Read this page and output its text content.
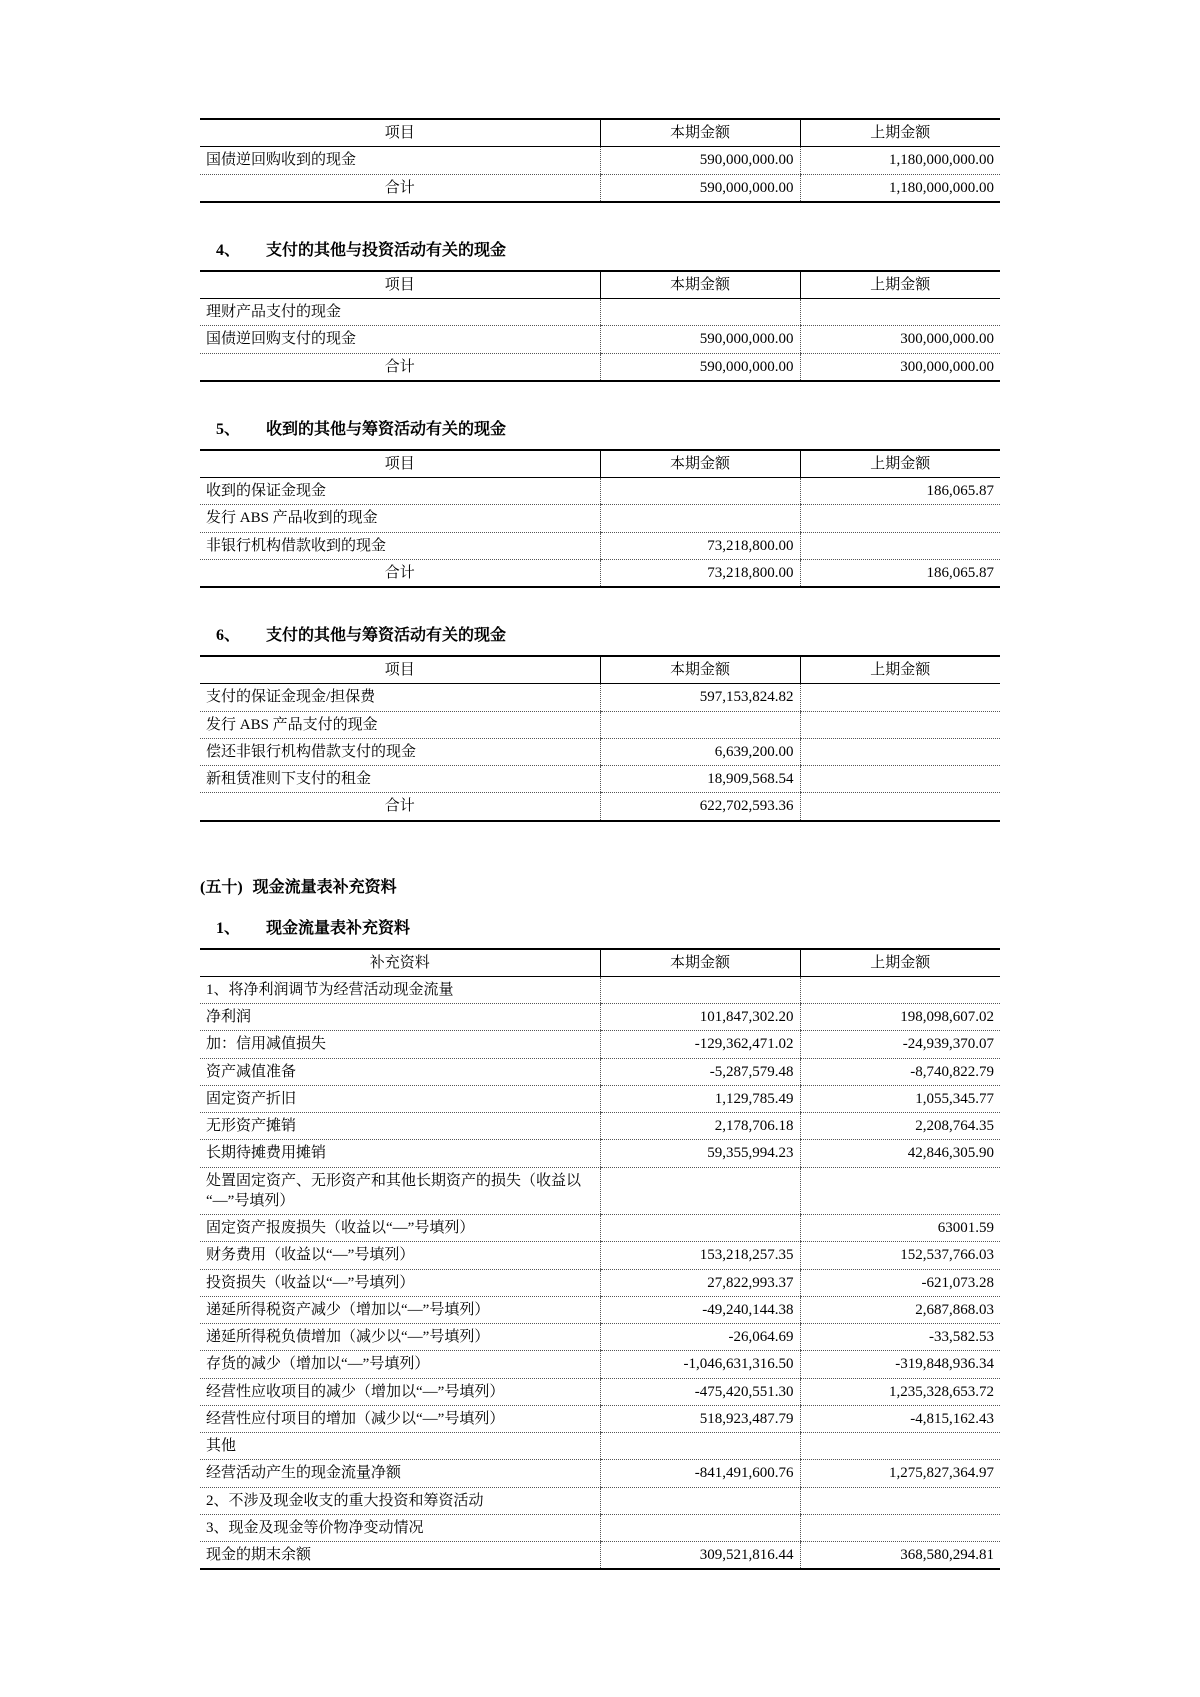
项目	本期金额	上期金额
国债逆回购收到的现金	590,000,000.00	1,180,000,000.00
合计	590,000,000.00	1,180,000,000.00
4、	支付的其他与投资活动有关的现金
项目	本期金额	上期金额
理财产品支付的现金		
国债逆回购支付的现金	590,000,000.00	300,000,000.00
合计	590,000,000.00	300,000,000.00
5、	收到的其他与筹资活动有关的现金
项目	本期金额	上期金额
收到的保证金现金		186,065.87
发行 ABS 产品收到的现金		
非银行机构借款收到的现金	73,218,800.00	
合计	73,218,800.00	186,065.87
6、	支付的其他与筹资活动有关的现金
项目	本期金额	上期金额
支付的保证金现金/担保费	597,153,824.82	
发行 ABS 产品支付的现金		
偿还非银行机构借款支付的现金	6,639,200.00	
新租赁准则下支付的租金	18,909,568.54	
合计	622,702,593.36	
(五十) 现金流量表补充资料
1、	现金流量表补充资料
补充资料	本期金额	上期金额
1、将净利润调节为经营活动现金流量		
净利润	101,847,302.20	198,098,607.02
加：信用减值损失	-129,362,471.02	-24,939,370.07
资产减值准备	-5,287,579.48	-8,740,822.79
固定资产折旧	1,129,785.49	1,055,345.77
无形资产摊销	2,178,706.18	2,208,764.35
长期待摊费用摊销	59,355,994.23	42,846,305.90
处置固定资产、无形资产和其他长期资产的损失（收益以“—”号填列）		
固定资产报废损失（收益以“—”号填列）		63001.59
财务费用（收益以“—”号填列）	153,218,257.35	152,537,766.03
投资损失（收益以“—”号填列）	27,822,993.37	-621,073.28
递延所得税资产减少（增加以“—”号填列）	-49,240,144.38	2,687,868.03
递延所得税负债增加（减少以“—”号填列）	-26,064.69	-33,582.53
存货的减少（增加以“—”号填列）	-1,046,631,316.50	-319,848,936.34
经营性应收项目的减少（增加以“—”号填列）	-475,420,551.30	1,235,328,653.72
经营性应付项目的增加（减少以“—”号填列）	518,923,487.79	-4,815,162.43
其他		
经营活动产生的现金流量净额	-841,491,600.76	1,275,827,364.97
2、不涉及现金收支的重大投资和筹资活动		
3、现金及现金等价物净变动情况		
现金的期末余额	309,521,816.44	368,580,294.81
